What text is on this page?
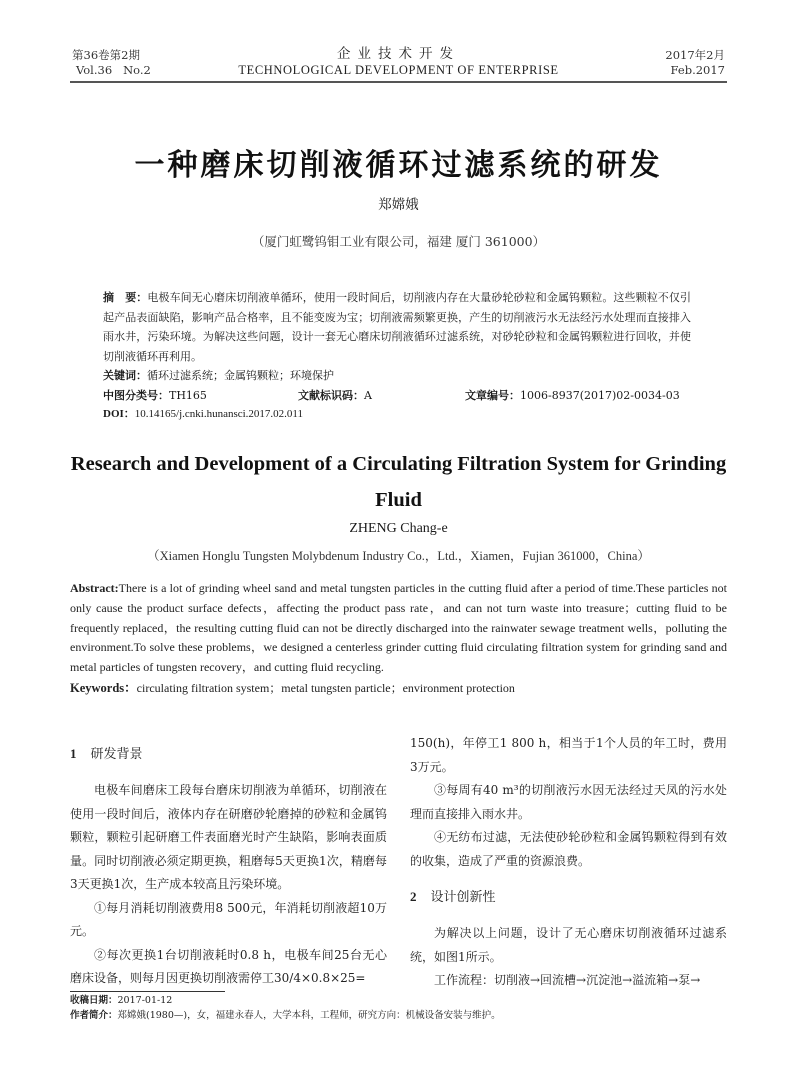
第36卷第2期
Vol.36   No.2
企业技术开发
TECHNOLOGICAL DEVELOPMENT OF ENTERPRISE
2017年2月
Feb.2017
一种磨床切削液循环过滤系统的研发
郑嫦娥
（厦门虹鹭钨钼工业有限公司，福建 厦门 361000）
摘　要：电极车间无心磨床切削液单循环，使用一段时间后，切削液内存在大量砂轮砂粒和金属钨颗粒。这些颗粒不仅引起产品表面缺陷，影响产品合格率，且不能变废为宝；切削液需频繁更换，产生的切削液污水无法经污水处理而直接排入雨水井，污染环境。为解决这些问题，设计一套无心磨床切削液循环过滤系统，对砂轮砂粒和金属钨颗粒进行回收，并使切削液循环再利用。
关键词：循环过滤系统；金属钨颗粒；环境保护
中图分类号：TH165	文献标识码：A	文章编号：1006-8937(2017)02-0034-03
DOI：10.14165/j.cnki.hunansci.2017.02.011
Research and Development of a Circulating Filtration System for Grinding Fluid
ZHENG Chang-e
（Xiamen Honglu Tungsten Molybdenum Industry Co.，Ltd.，Xiamen，Fujian 361000，China）
Abstract:There is a lot of grinding wheel sand and metal tungsten particles in the cutting fluid after a period of time.These particles not only cause the product surface defects，affecting the product pass rate，and can not turn waste into treasure；cutting fluid to be frequently replaced，the resulting cutting fluid can not be directly discharged into the rainwater sewage treatment wells，polluting the environment.To solve these problems，we designed a centerless grinder cutting fluid circulating filtration system for grinding sand and metal particles of tungsten recovery，and cutting fluid recycling.
Keywords：circulating filtration system；metal tungsten particle；environment protection
1 研发背景

电极车间磨床工段每台磨床切削液为单循环，切削液在使用一段时间后，液体内存在研磨砂轮磨掉的砂粒和金属钨颗粒，颗粒引起研磨工件表面磨光时产生缺陷，影响表面质量。同时切削液必须定期更换，粗磨每5天更换1次，精磨每3天更换1次，生产成本较高且污染环境。

①每月消耗切削液费用8 500元，年消耗切削液超10万元。

②每次更换1台切削液耗时0.8 h，电极车间25台无心磨床设备，则每月因更换切削液需停工30/4×0.8×25=

150(h)，年停工1 800 h，相当于1个人员的年工时，费用3万元。

③每周有40 m³的切削液污水因无法经过天凤的污水处理而直接排入雨水井。

④无纺布过滤，无法使砂轮砂粒和金属钨颗粒得到有效的收集，造成了严重的资源浪费。

2 设计创新性

为解决以上问题，设计了无心磨床切削液循环过滤系统，如图1所示。

工作流程：切削液→回流槽→沉淀池→溢流箱→泵→

收稿日期：2017-01-12
作者简介：郑嫦娥(1980—)，女，福建永春人，大学本科，工程师，研究方向：机械设备安装与维护。
